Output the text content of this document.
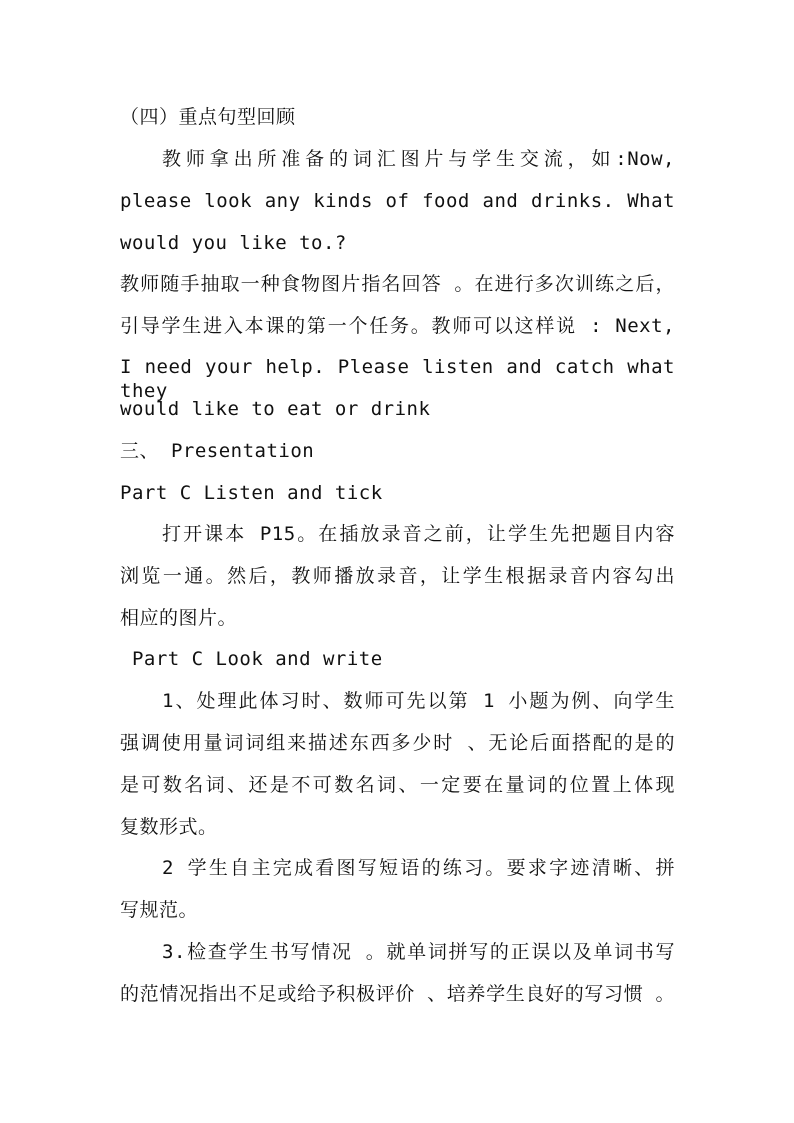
（四）重点句型回顾
教师拿出所准备的词汇图片与学生交流，如:Now,
please look any kinds of food and drinks. What
would you like to.?
教师随手抽取一种食物图片指名回答 。在进行多次训练之后，
引导学生进入本课的第一个任务。教师可以这样说 : Next,
I need your help. Please listen and catch what they
would like to eat or drink
三、 Presentation
Part C Listen and tick
打开课本 P15。在插放录音之前，让学生先把题目内容
浏览一通。然后，教师播放录音，让学生根据录音内容勾出
相应的图片。
Part C Look and write
1、处理此体习时、数师可先以第 1 小题为例、向学生
强调使用量词词组来描述东西多少时 、无论后面搭配的是的
是可数名词、还是不可数名词、一定要在量词的位置上体现
复数形式。
2 学生自主完成看图写短语的练习。要求字迹清晰、拼
写规范。
3.检查学生书写情况 。就单词拼写的正误以及单词书写
的范情况指出不足或给予积极评价 、培养学生良好的写习惯 。
